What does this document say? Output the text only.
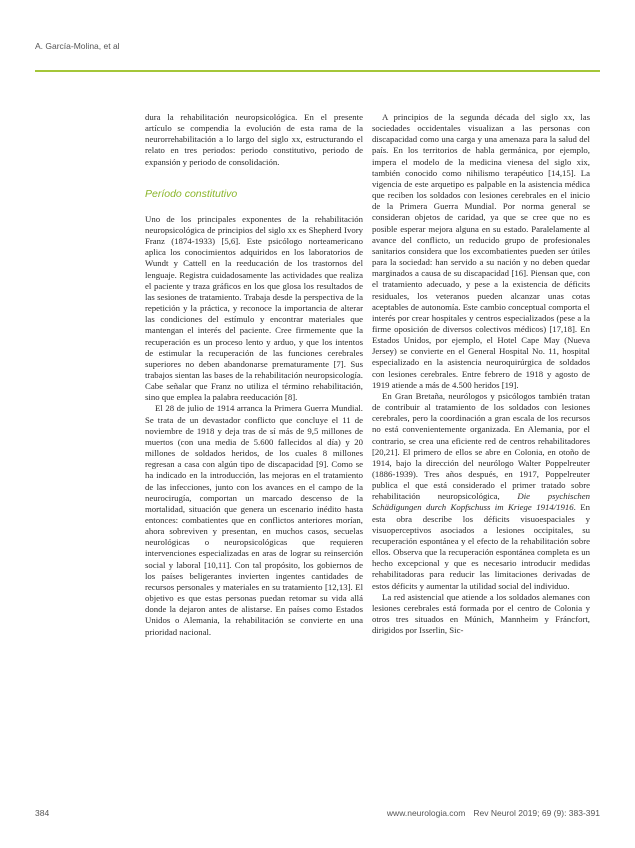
A. García-Molina, et al

dura la rehabilitación neuropsicológica. En el presente artículo se compendia la evolución de esta rama de la neurorrehabilitación a lo largo del siglo xx, estructurando el relato en tres periodos: periodo constitutivo, periodo de expansión y periodo de consolidación.

Período constitutivo

Uno de los principales exponentes de la rehabilitación neuropsicológica de principios del siglo xx es Shepherd Ivory Franz (1874-1933) [5,6]. Este psicólogo norteamericano aplica los conocimientos adquiridos en los laboratorios de Wundt y Cattell en la reeducación de los trastornos del lenguaje. Registra cuidadosamente las actividades que realiza el paciente y traza gráficos en los que glosa los resultados de las sesiones de tratamiento. Trabaja desde la perspectiva de la repetición y la práctica, y reconoce la importancia de alterar las condiciones del estímulo y encontrar materiales que mantengan el interés del paciente. Cree firmemente que la recuperación es un proceso lento y arduo, y que los intentos de estimular la recuperación de las funciones cerebrales superiores no deben abandonarse prematuramente [7]. Sus trabajos sientan las bases de la rehabilitación neuropsicología. Cabe señalar que Franz no utiliza el término rehabilitación, sino que emplea la palabra reeducación [8].

El 28 de julio de 1914 arranca la Primera Guerra Mundial. Se trata de un devastador conflicto que concluye el 11 de noviembre de 1918 y deja tras de sí más de 9,5 millones de muertos (con una media de 5.600 fallecidos al día) y 20 millones de soldados heridos, de los cuales 8 millones regresan a casa con algún tipo de discapacidad [9]. Como se ha indicado en la introducción, las mejoras en el tratamiento de las infecciones, junto con los avances en el campo de la neurocirugía, comportan un marcado descenso de la mortalidad, situación que genera un escenario inédito hasta entonces: combatientes que en conflictos anteriores morían, ahora sobreviven y presentan, en muchos casos, secuelas neurológicas o neuropsicológicas que requieren intervenciones especializadas en aras de lograr su reinserción social y laboral [10,11]. Con tal propósito, los gobiernos de los países beligerantes invierten ingentes cantidades de recursos personales y materiales en su tratamiento [12,13]. El objetivo es que estas personas puedan retomar su vida allá donde la dejaron antes de alistarse. En países como Estados Unidos o Alemania, la rehabilitación se convierte en una prioridad nacional.

A principios de la segunda década del siglo xx, las sociedades occidentales visualizan a las personas con discapacidad como una carga y una amenaza para la salud del país. En los territorios de habla germánica, por ejemplo, impera el modelo de la medicina vienesa del siglo xix, también conocido como nihilismo terapéutico [14,15]. La vigencia de este arquetipo es palpable en la asistencia médica que reciben los soldados con lesiones cerebrales en el inicio de la Primera Guerra Mundial. Por norma general se consideran objetos de caridad, ya que se cree que no es posible esperar mejora alguna en su estado. Paralelamente al avance del conflicto, un reducido grupo de profesionales sanitarios considera que los excombatientes pueden ser útiles para la sociedad: han servido a su nación y no deben quedar marginados a causa de su discapacidad [16]. Piensan que, con el tratamiento adecuado, y pese a la existencia de déficits residuales, los veteranos pueden alcanzar unas cotas aceptables de autonomía. Este cambio conceptual comporta el interés por crear hospitales y centros especializados (pese a la firme oposición de diversos colectivos médicos) [17,18]. En Estados Unidos, por ejemplo, el Hotel Cape May (Nueva Jersey) se convierte en el General Hospital No. 11, hospital especializado en la asistencia neuroquirúrgica de soldados con lesiones cerebrales. Entre febrero de 1918 y agosto de 1919 atiende a más de 4.500 heridos [19].

En Gran Bretaña, neurólogos y psicólogos también tratan de contribuir al tratamiento de los soldados con lesiones cerebrales, pero la coordinación a gran escala de los recursos no está convenientemente organizada. En Alemania, por el contrario, se crea una eficiente red de centros rehabilitadores [20,21]. El primero de ellos se abre en Colonia, en otoño de 1914, bajo la dirección del neurólogo Walter Poppelreuter (1886-1939). Tres años después, en 1917, Poppelreuter publica el que está considerado el primer tratado sobre rehabilitación neuropsicológica, Die psychischen Schädigungen durch Kopfschuss im Kriege 1914/1916. En esta obra describe los déficits visuoespaciales y visuoperceptivos asociados a lesiones occipitales, su recuperación espontánea y el efecto de la rehabilitación sobre ellos. Observa que la recuperación espontánea completa es un hecho excepcional y que es necesario introducir medidas rehabilitadoras para reducir las limitaciones derivadas de estos déficits y aumentar la utilidad social del individuo.

La red asistencial que atiende a los soldados alemanes con lesiones cerebrales está formada por el centro de Colonia y otros tres situados en Múnich, Mannheim y Fráncfort, dirigidos por Isserlin, Sic-

384	www.neurologia.com Rev Neurol 2019; 69 (9): 383-391
